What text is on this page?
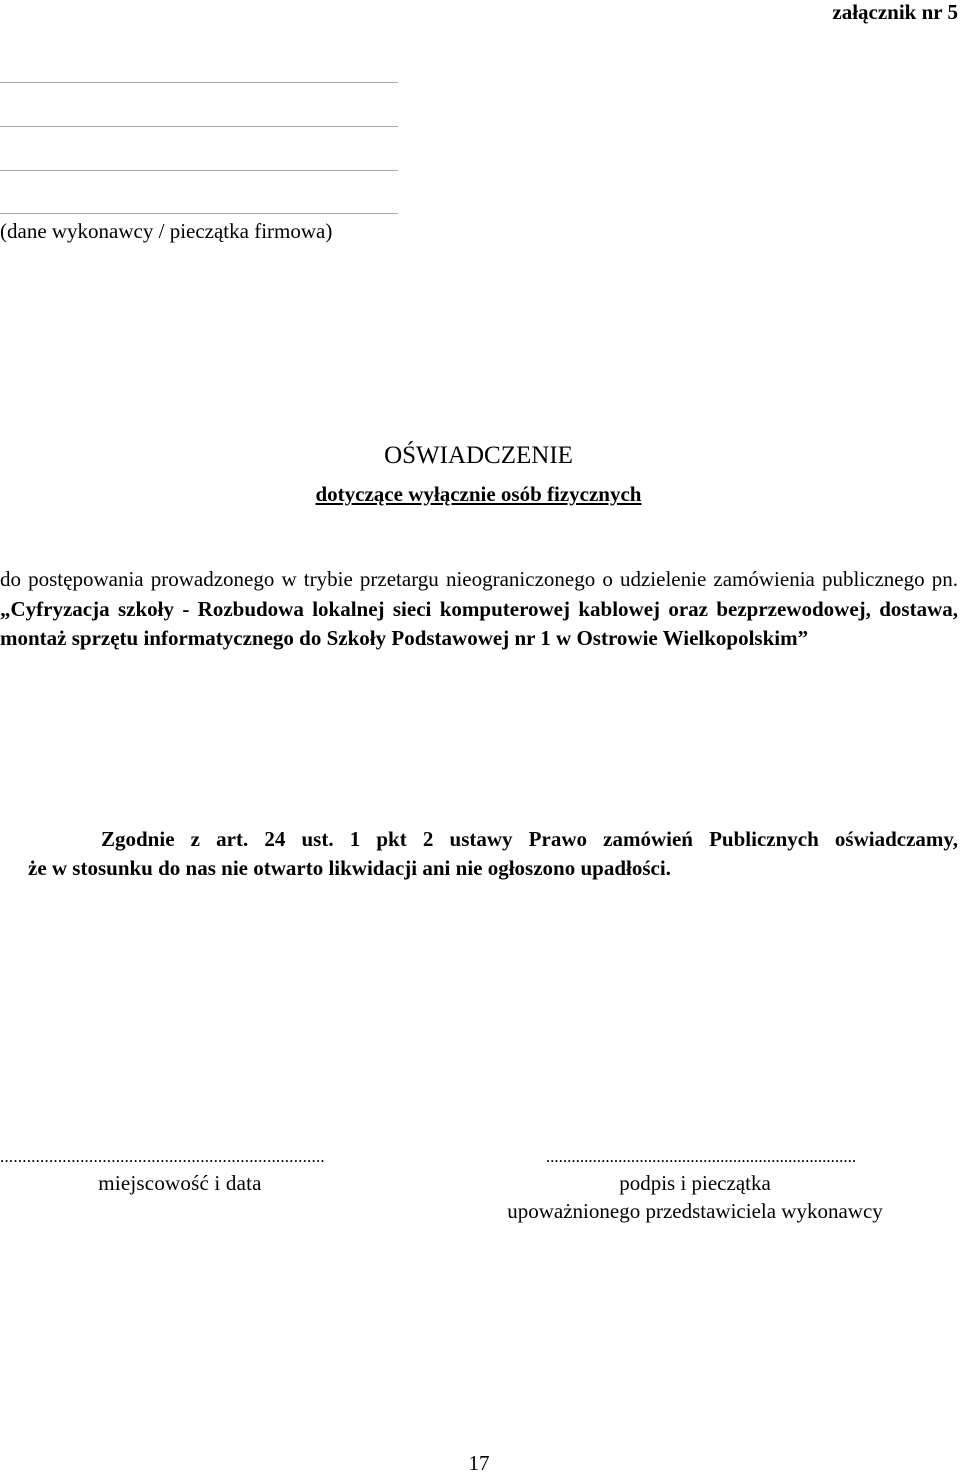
załącznik nr 5
(dane wykonawcy / pieczątka firmowa)
OŚWIADCZENIE
dotyczące wyłącznie osób fizycznych
do postępowania prowadzonego w trybie przetargu nieograniczonego o udzielenie zamówienia publicznego pn. „Cyfryzacja szkoły - Rozbudowa lokalnej sieci komputerowej kablowej oraz bezprzewodowej, dostawa, montaż sprzętu informatycznego do Szkoły Podstawowej nr 1 w Ostrowie Wielkopolskim”
Zgodnie z art. 24 ust. 1 pkt 2 ustawy Prawo zamówień Publicznych oświadczamy,
że w stosunku do nas nie otwarto likwidacji ani nie ogłoszono upadłości.
.........................................................................
miejscowość i data
.........................................................................
podpis i pieczątka
upoważnionego przedstawiciela wykonawcy
17
